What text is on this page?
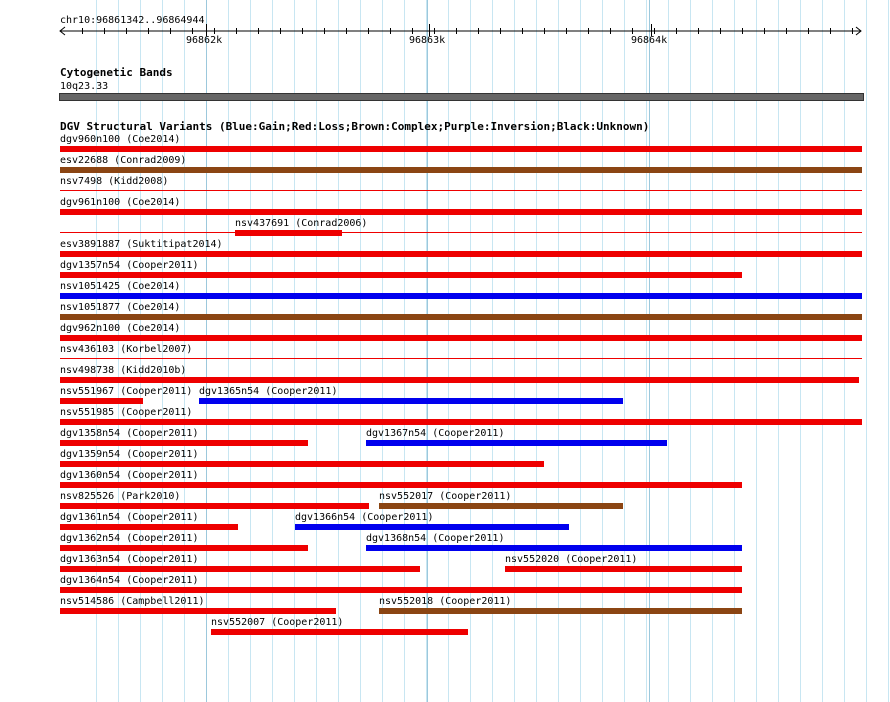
chr10:96861342..96864944
96862k	96863k	96864k
Cytogenetic Bands
10q23.33
DGV Structural Variants (Blue:Gain;Red:Loss;Brown:Complex;Purple:Inversion;Black:Unknown)
dgv960n100 (Coe2014)
esv22688 (Conrad2009)
nsv7498 (Kidd2008)
dgv961n100 (Coe2014)
nsv437691 (Conrad2006)
esv3891887 (Suktitipat2014)
dgv1357n54 (Cooper2011)
nsv1051425 (Coe2014)
nsv1051877 (Coe2014)
dgv962n100 (Coe2014)
nsv436103 (Korbel2007)
nsv498738 (Kidd2010b)
nsv551967 (Cooper2011) dgv1365n54 (Cooper2011)
nsv551985 (Cooper2011)
dgv1358n54 (Cooper2011)	dgv1367n54 (Cooper2011)
dgv1359n54 (Cooper2011)
dgv1360n54 (Cooper2011)
nsv825526 (Park2010)	nsv552017 (Cooper2011)
dgv1361n54 (Cooper2011)	dgv1366n54 (Cooper2011)
dgv1362n54 (Cooper2011)	dgv1368n54 (Cooper2011)
dgv1363n54 (Cooper2011)	nsv552020 (Cooper2011)
dgv1364n54 (Cooper2011)
nsv514586 (Campbell2011)	nsv552018 (Cooper2011)
nsv552007 (Cooper2011)
